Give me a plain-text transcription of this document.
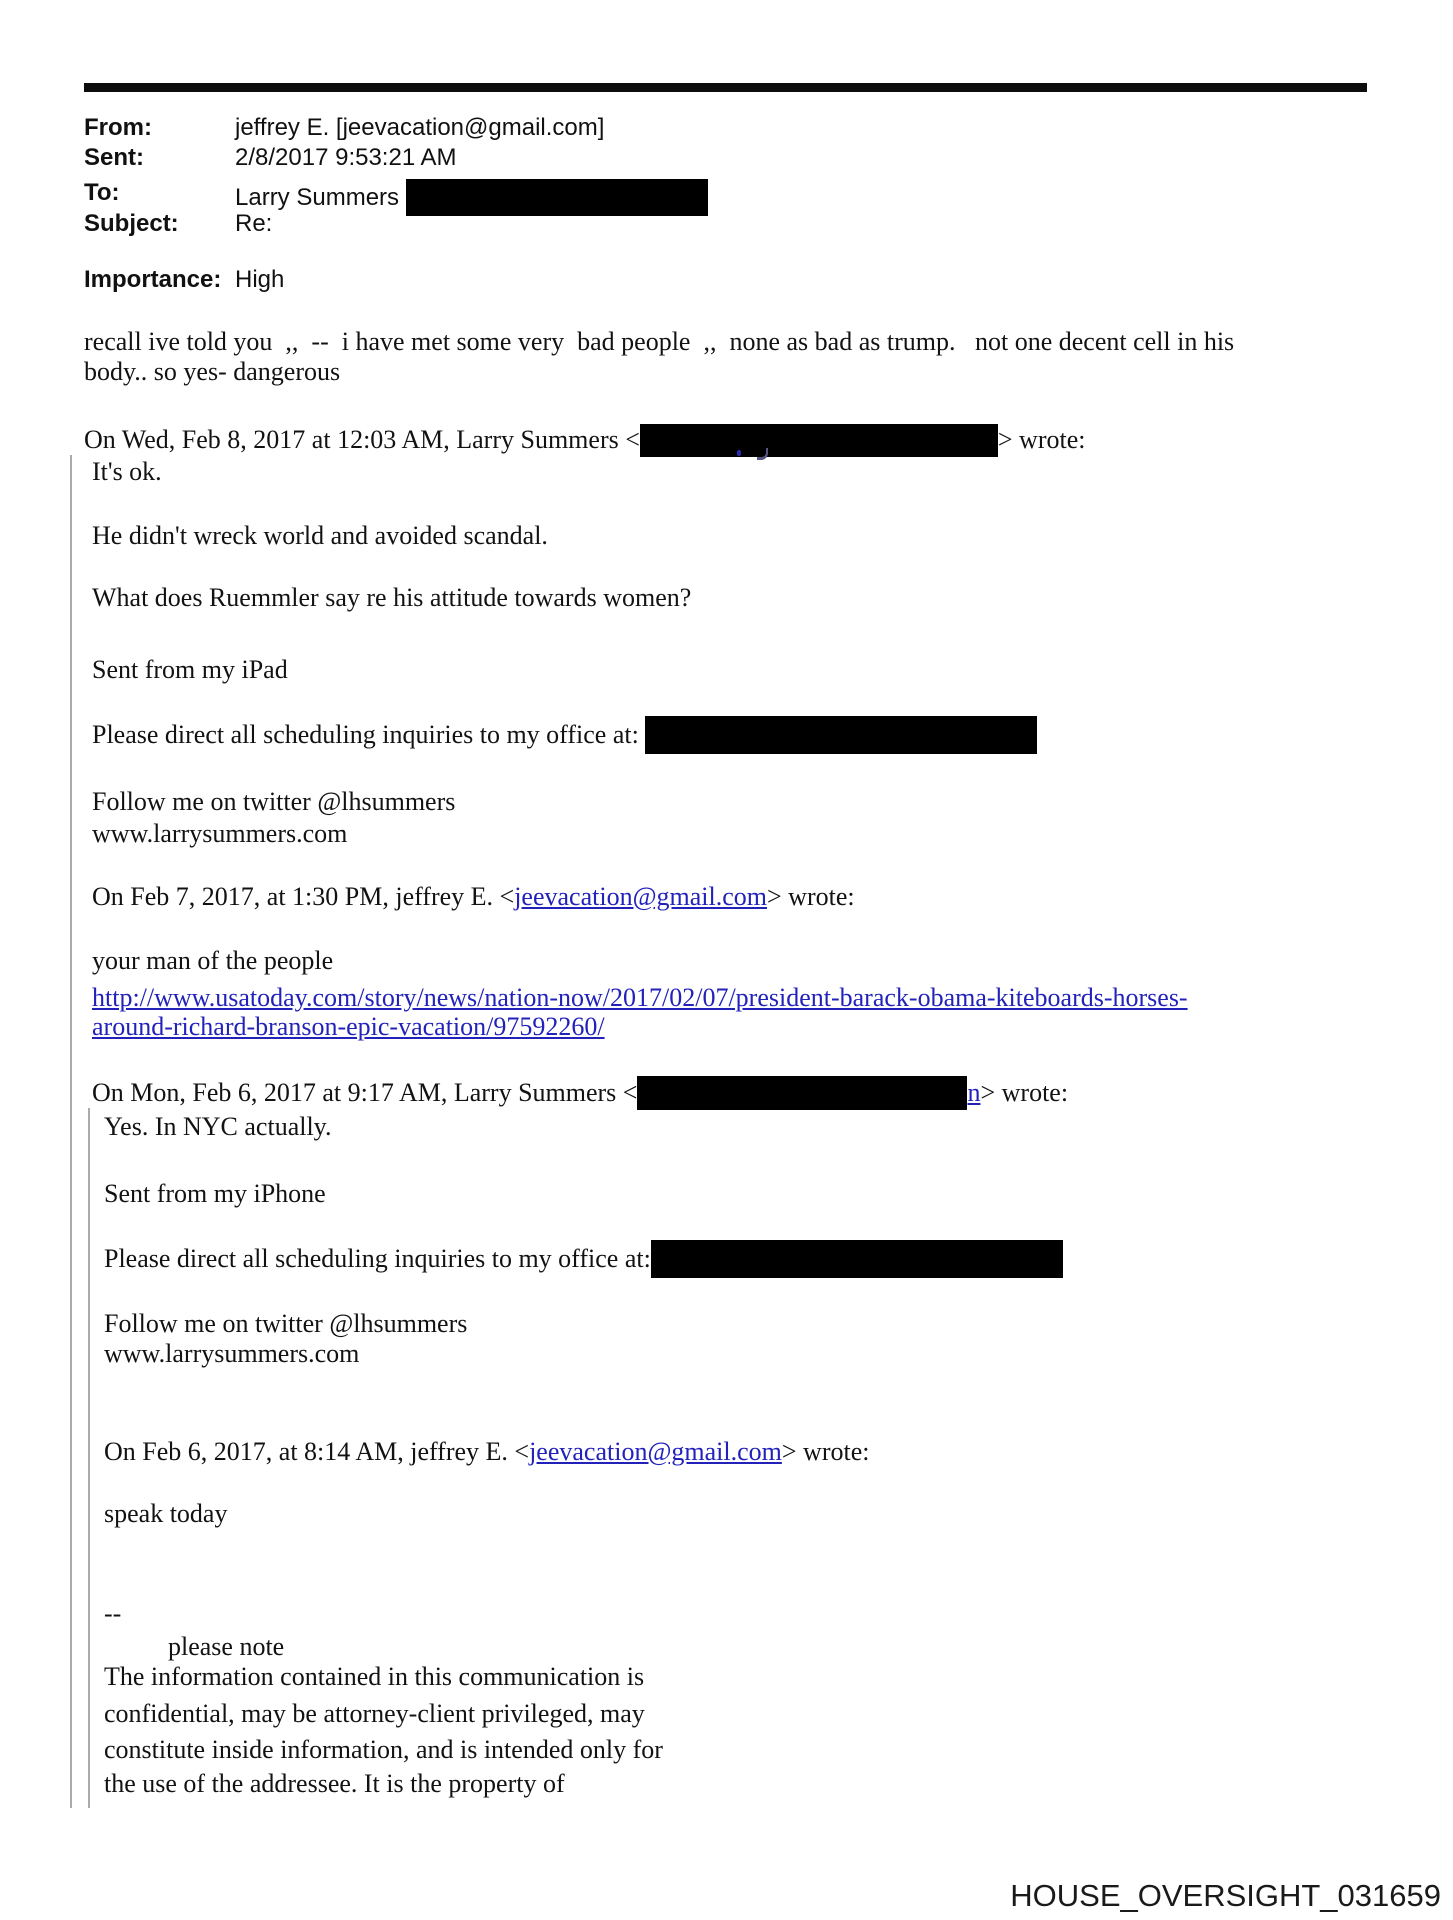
From:	jeffrey E. [jeevacation@gmail.com]
Sent:	2/8/2017 9:53:21 AM
To:	Larry Summers
Subject: Re:
Importance: High
recall ive told you  ,,  --  i have met some very  bad people  ,,  none as bad as trump.   not one decent cell in his
body.. so yes- dangerous
On Wed, Feb 8, 2017 at 12:03 AM, Larry Summers <	> wrote:
It's ok.
He didn't wreck world and avoided scandal.
What does Ruemmler say re his attitude towards women?
Sent from my iPad
Please direct all scheduling inquiries to my office at:
Follow me on twitter @lhsummers
www.larrysummers.com
On Feb 7, 2017, at 1:30 PM, jeffrey E. <jeevacation@gmail.com> wrote:
your man of the people
http://www.usatoday.com/story/news/nation-now/2017/02/07/president-barack-obama-kiteboards-horses-
around-richard-branson-epic-vacation/97592260/
On Mon, Feb 6, 2017 at 9:17 AM, Larry Summers <	n> wrote:
Yes. In NYC actually.
Sent from my iPhone
Please direct all scheduling inquiries to my office at:
Follow me on twitter @lhsummers
www.larrysummers.com
On Feb 6, 2017, at 8:14 AM, jeffrey E. <jeevacation@gmail.com> wrote:
speak today
--
please note
The information contained in this communication is
confidential, may be attorney-client privileged, may
constitute inside information, and is intended only for
the use of the addressee. It is the property of
HOUSE_OVERSIGHT_031659
